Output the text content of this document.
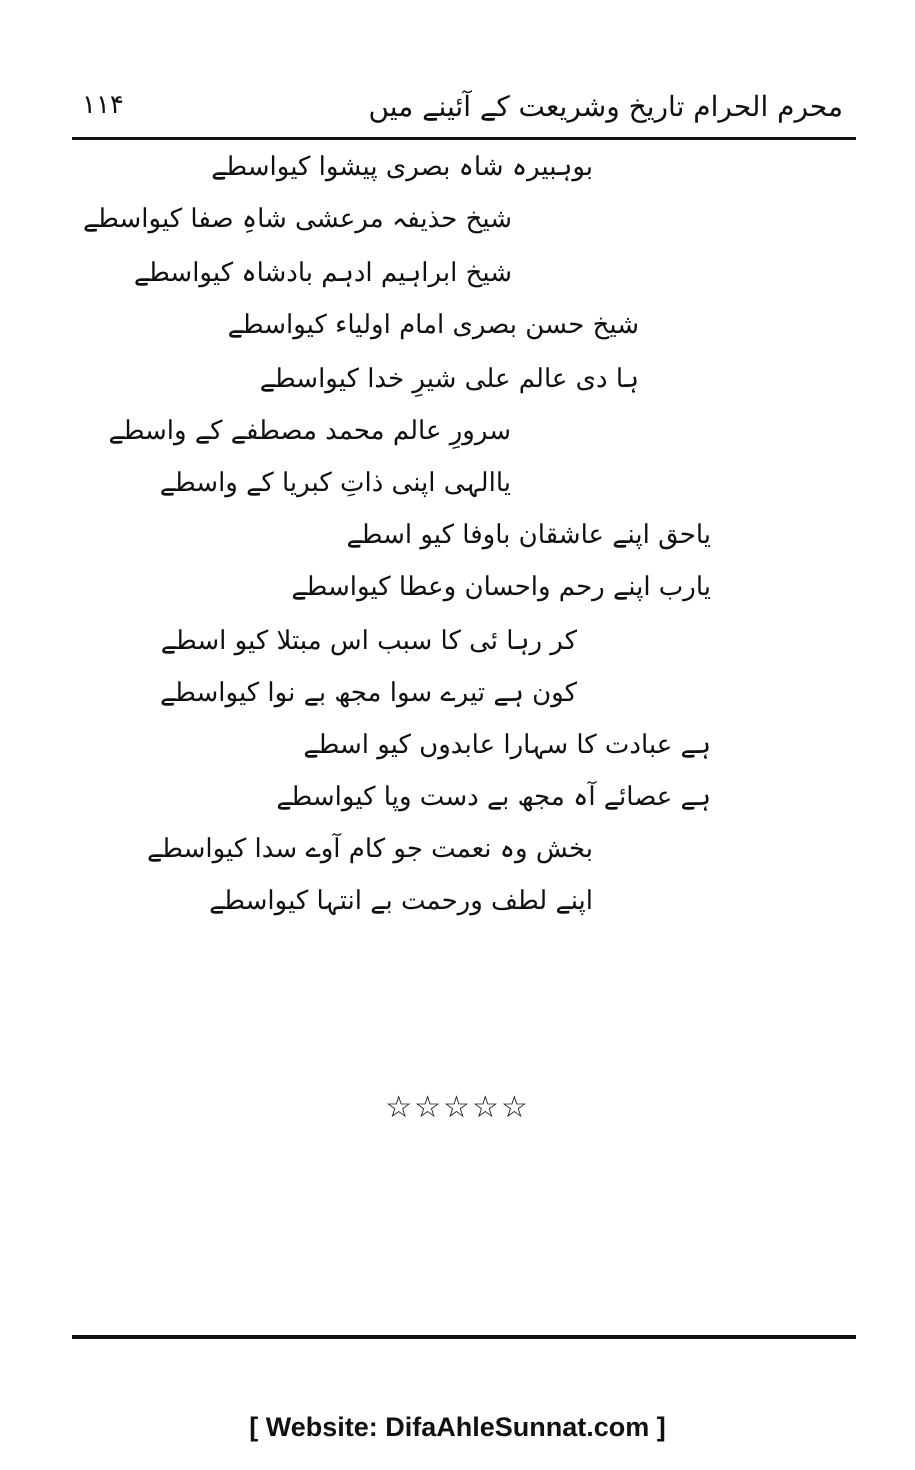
محرم الحرام تاریخ وشریعت کے آئینے میں
۱۱۴
بوہبیرہ شاہ بصری پیشوا کیواسطے
شیخ حذیفہ مرعشی شاہِ صفا کیواسطے
شیخ ابراہیم ادہم بادشاہ کیواسطے
شیخ حسن بصری امام اولیاء کیواسطے
ہا دی عالم علی شیرِ خدا کیواسطے
سرورِ عالم محمد مصطفے کے واسطے
یاالہی اپنی ذاتِ کبریا کے واسطے
یاحق اپنے عاشقان باوفا کیو اسطے
یارب اپنے رحم واحسان وعطا کیواسطے
کر رہا ئی کا سبب اس مبتلا کیو اسطے
کون ہے تیرے سوا مجھ بے نوا کیواسطے
ہے عبادت کا سہارا عابدوں کیو اسطے
ہے عصائے آہ مجھ بے دست وپا کیواسطے
بخش وہ نعمت جو کام آوے سدا کیواسطے
اپنے لطف ورحمت بے انتہا کیواسطے
☆☆☆☆☆
[ Website: DifaAhleSunnat.com ]
